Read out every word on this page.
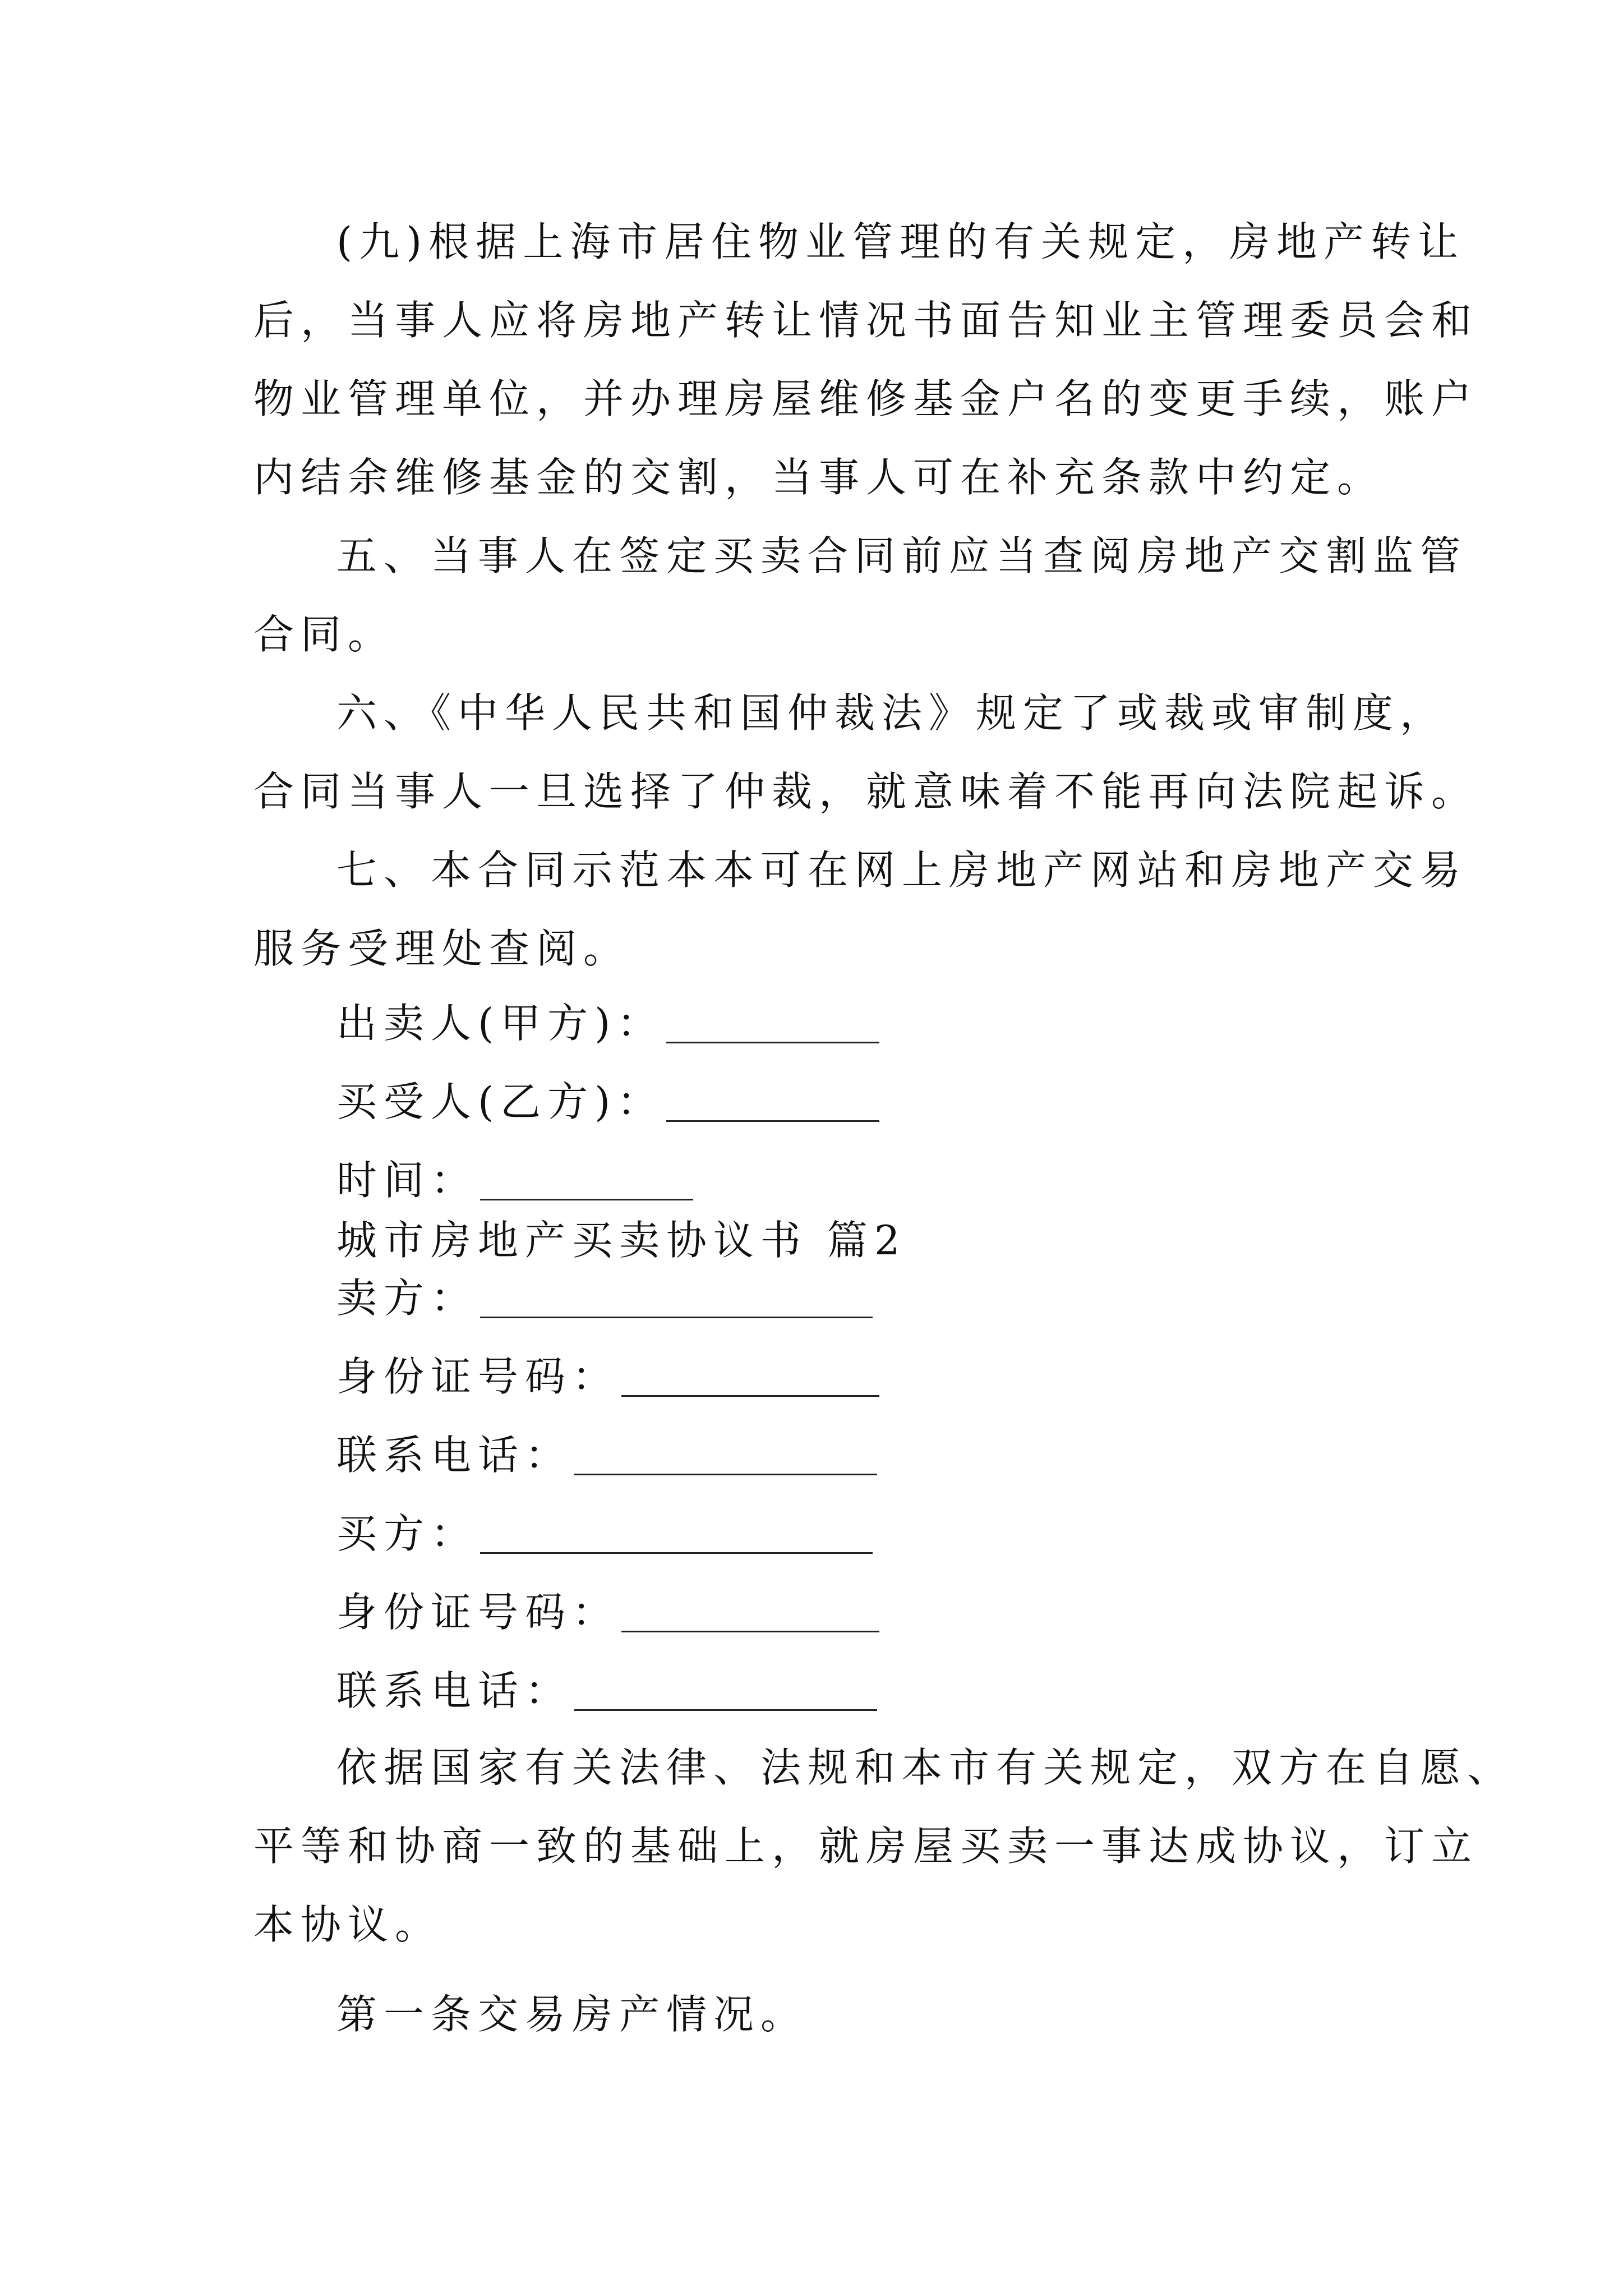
(九)根据上海市居住物业管理的有关规定，房地产转让
后，当事人应将房地产转让情况书面告知业主管理委员会和
物业管理单位，并办理房屋维修基金户名的变更手续，账户
内结余维修基金的交割，当事人可在补充条款中约定。
五、当事人在签定买卖合同前应当查阅房地产交割监管
合同。
六、《中华人民共和国仲裁法》规定了或裁或审制度，
合同当事人一旦选择了仲裁，就意味着不能再向法院起诉。
七、本合同示范本本可在网上房地产网站和房地产交易
服务受理处查阅。
出卖人(甲方)：
买受人(乙方)：
时间：
城市房地产买卖协议书 篇2
卖方：
身份证号码：
联系电话：
买方：
身份证号码：
联系电话：
依据国家有关法律、法规和本市有关规定，双方在自愿、
平等和协商一致的基础上，就房屋买卖一事达成协议，订立
本协议。
第一条交易房产情况。
